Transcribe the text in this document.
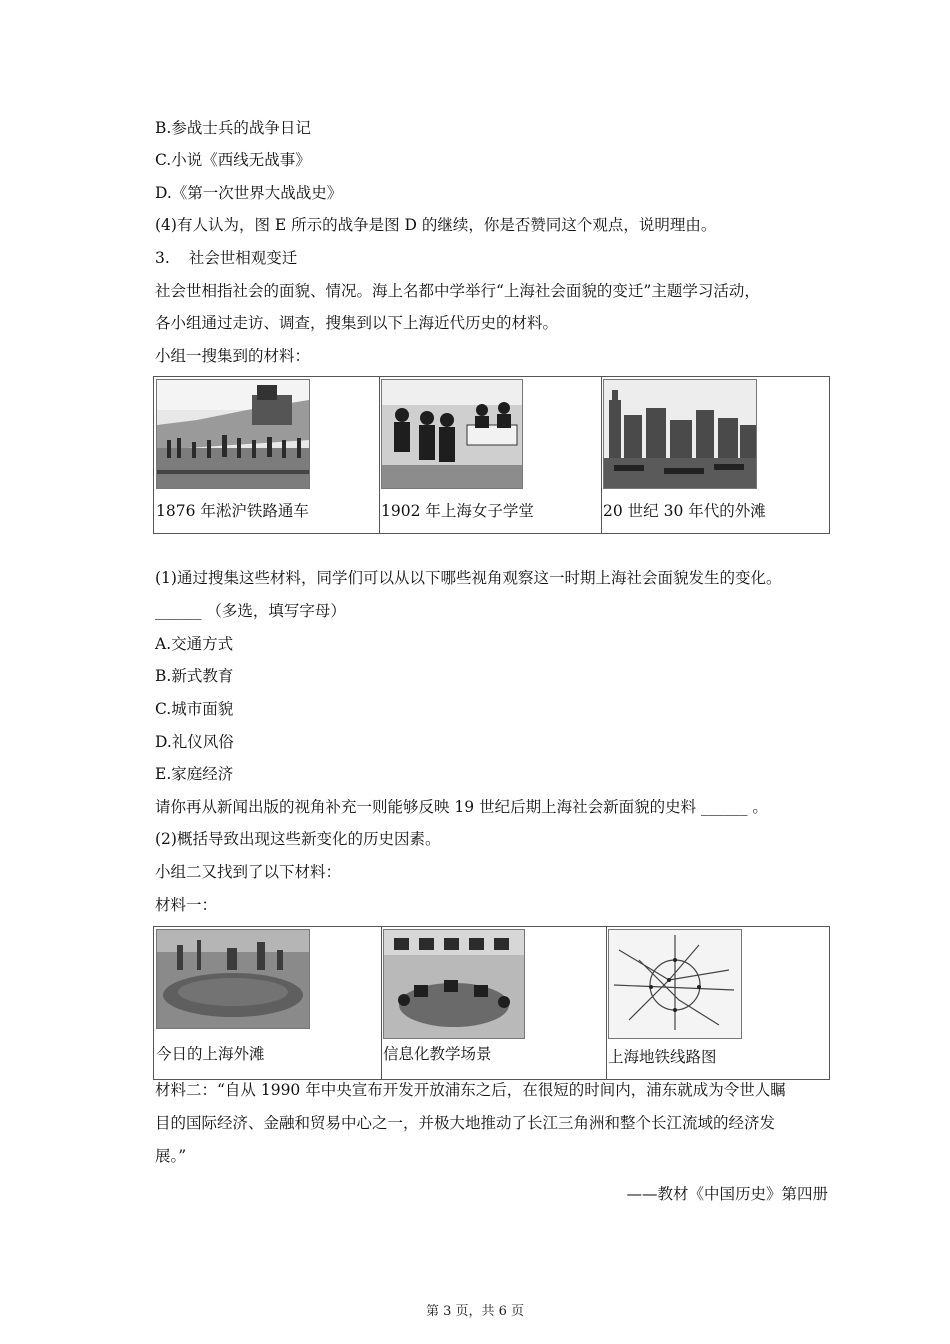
B.参战士兵的战争日记
C.小说《西线无战事》
D.《第一次世界大战战史》
(4)有人认为，图 E 所示的战争是图 D 的继续，你是否赞同这个观点，说明理由。
3. 社会世相观变迁
社会世相指社会的面貌、情况。海上名都中学举行“上海社会面貌的变迁”主题学习活动，
各小组通过走访、调查，搜集到以下上海近代历史的材料。
小组一搜集到的材料：
1876 年淞沪铁路通车	1902 年上海女子学堂	20 世纪 30 年代的外滩
(1)通过搜集这些材料，同学们可以从以下哪些视角观察这一时期上海社会面貌发生的变化。
______ （多选，填写字母）
A.交通方式
B.新式教育
C.城市面貌
D.礼仪风俗
E.家庭经济
请你再从新闻出版的视角补充一则能够反映 19 世纪后期上海社会新面貌的史料 ______ 。
(2)概括导致出现这些新变化的历史因素。
小组二又找到了以下材料：
材料一：
今日的上海外滩	信息化教学场景	上海地铁线路图
材料二：“自从 1990 年中央宣布开发开放浦东之后，在很短的时间内，浦东就成为令世人瞩
目的国际经济、金融和贸易中心之一，并极大地推动了长江三角洲和整个长江流域的经济发
展。”
——教材《中国历史》第四册
第 3 页，共 6 页
